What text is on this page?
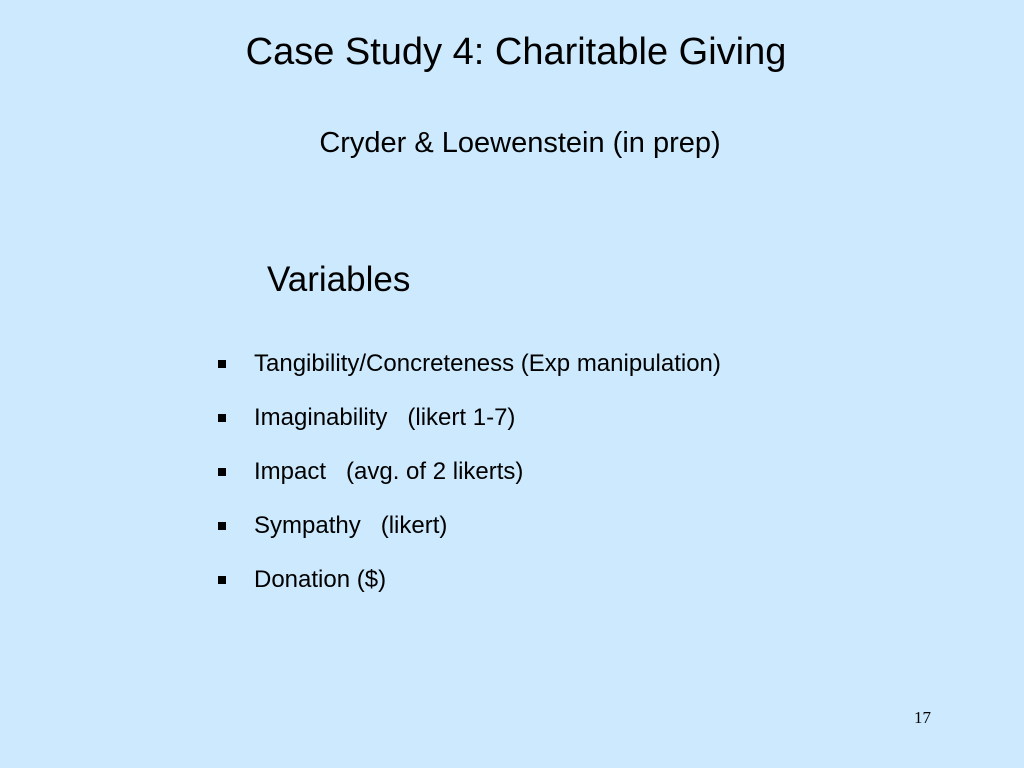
Case Study 4: Charitable Giving
Cryder & Loewenstein (in prep)
Variables

Tangibility/Concreteness (Exp manipulation)

Imaginability   (likert 1-7)

Impact   (avg. of 2 likerts)

Sympathy   (likert)

Donation ($)

17
